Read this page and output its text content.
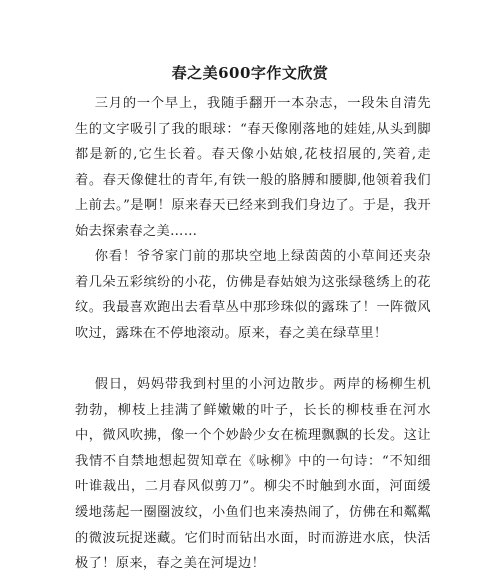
春之美600字作文欣赏

三月的一个早上，我随手翻开一本杂志，一段朱自清先生的文字吸引了我的眼球：“春天像刚落地的娃娃,从头到脚都是新的,它生长着。春天像小姑娘,花枝招展的,笑着,走着。春天像健壮的青年,有铁一般的胳膊和腰脚,他领着我们上前去。”是啊！原来春天已经来到我们身边了。于是，我开始去探索春之美……

你看！爷爷家门前的那块空地上绿茵茵的小草间还夹杂着几朵五彩缤纷的小花，仿佛是春姑娘为这张绿毯绣上的花纹。我最喜欢跑出去看草丛中那珍珠似的露珠了！一阵微风吹过，露珠在不停地滚动。原来，春之美在绿草里！

假日，妈妈带我到村里的小河边散步。两岸的杨柳生机勃勃，柳枝上挂满了鲜嫩嫩的叶子，长长的柳枝垂在河水中，微风吹拂，像一个个妙龄少女在梳理飘飘的长发。这让我情不自禁地想起贺知章在《咏柳》中的一句诗：“不知细叶谁裁出，二月春风似剪刀”。柳尖不时触到水面，河面缓缓地荡起一圈圈波纹，小鱼们也来凑热闹了，仿佛在和粼粼的微波玩捉迷藏。它们时而钻出水面，时而游进水底，快活极了！原来，春之美在河堤边！
